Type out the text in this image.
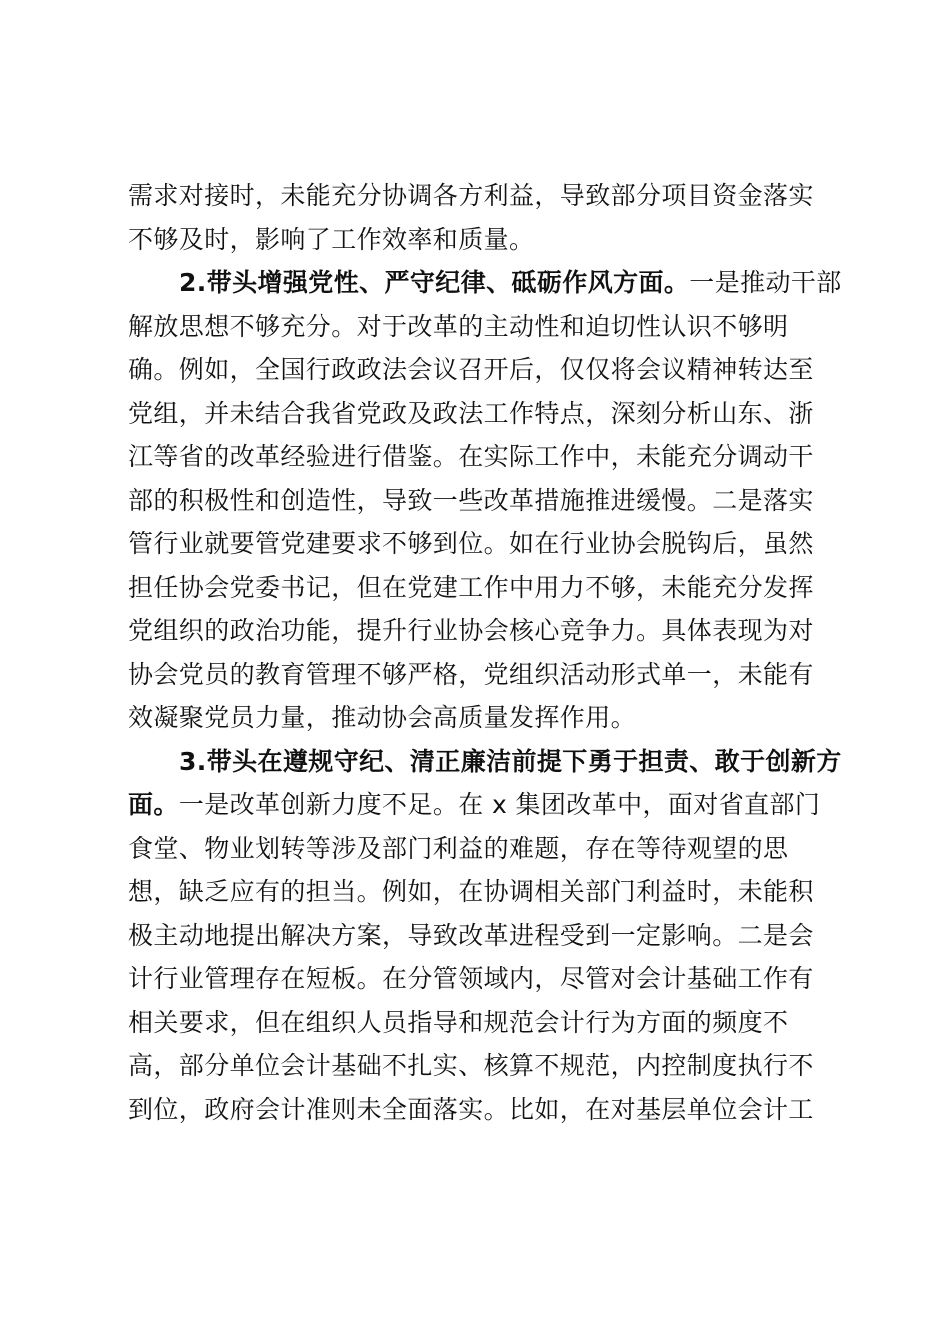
需求对接时，未能充分协调各方利益，导致部分项目资金落实
不够及时，影响了工作效率和质量。
2.带头增强党性、严守纪律、砥砺作风方面。一是推动干部
解放思想不够充分。对于改革的主动性和迫切性认识不够明
确。例如，全国行政政法会议召开后，仅仅将会议精神转达至
党组，并未结合我省党政及政法工作特点，深刻分析山东、浙
江等省的改革经验进行借鉴。在实际工作中，未能充分调动干
部的积极性和创造性，导致一些改革措施推进缓慢。二是落实
管行业就要管党建要求不够到位。如在行业协会脱钩后，虽然
担任协会党委书记，但在党建工作中用力不够，未能充分发挥
党组织的政治功能，提升行业协会核心竞争力。具体表现为对
协会党员的教育管理不够严格，党组织活动形式单一，未能有
效凝聚党员力量，推动协会高质量发挥作用。
3.带头在遵规守纪、清正廉洁前提下勇于担责、敢于创新方
面。一是改革创新力度不足。在 x 集团改革中，面对省直部门
食堂、物业划转等涉及部门利益的难题，存在等待观望的思
想，缺乏应有的担当。例如，在协调相关部门利益时，未能积
极主动地提出解决方案，导致改革进程受到一定影响。二是会
计行业管理存在短板。在分管领域内，尽管对会计基础工作有
相关要求，但在组织人员指导和规范会计行为方面的频度不
高，部分单位会计基础不扎实、核算不规范，内控制度执行不
到位，政府会计准则未全面落实。比如，在对基层单位会计工
